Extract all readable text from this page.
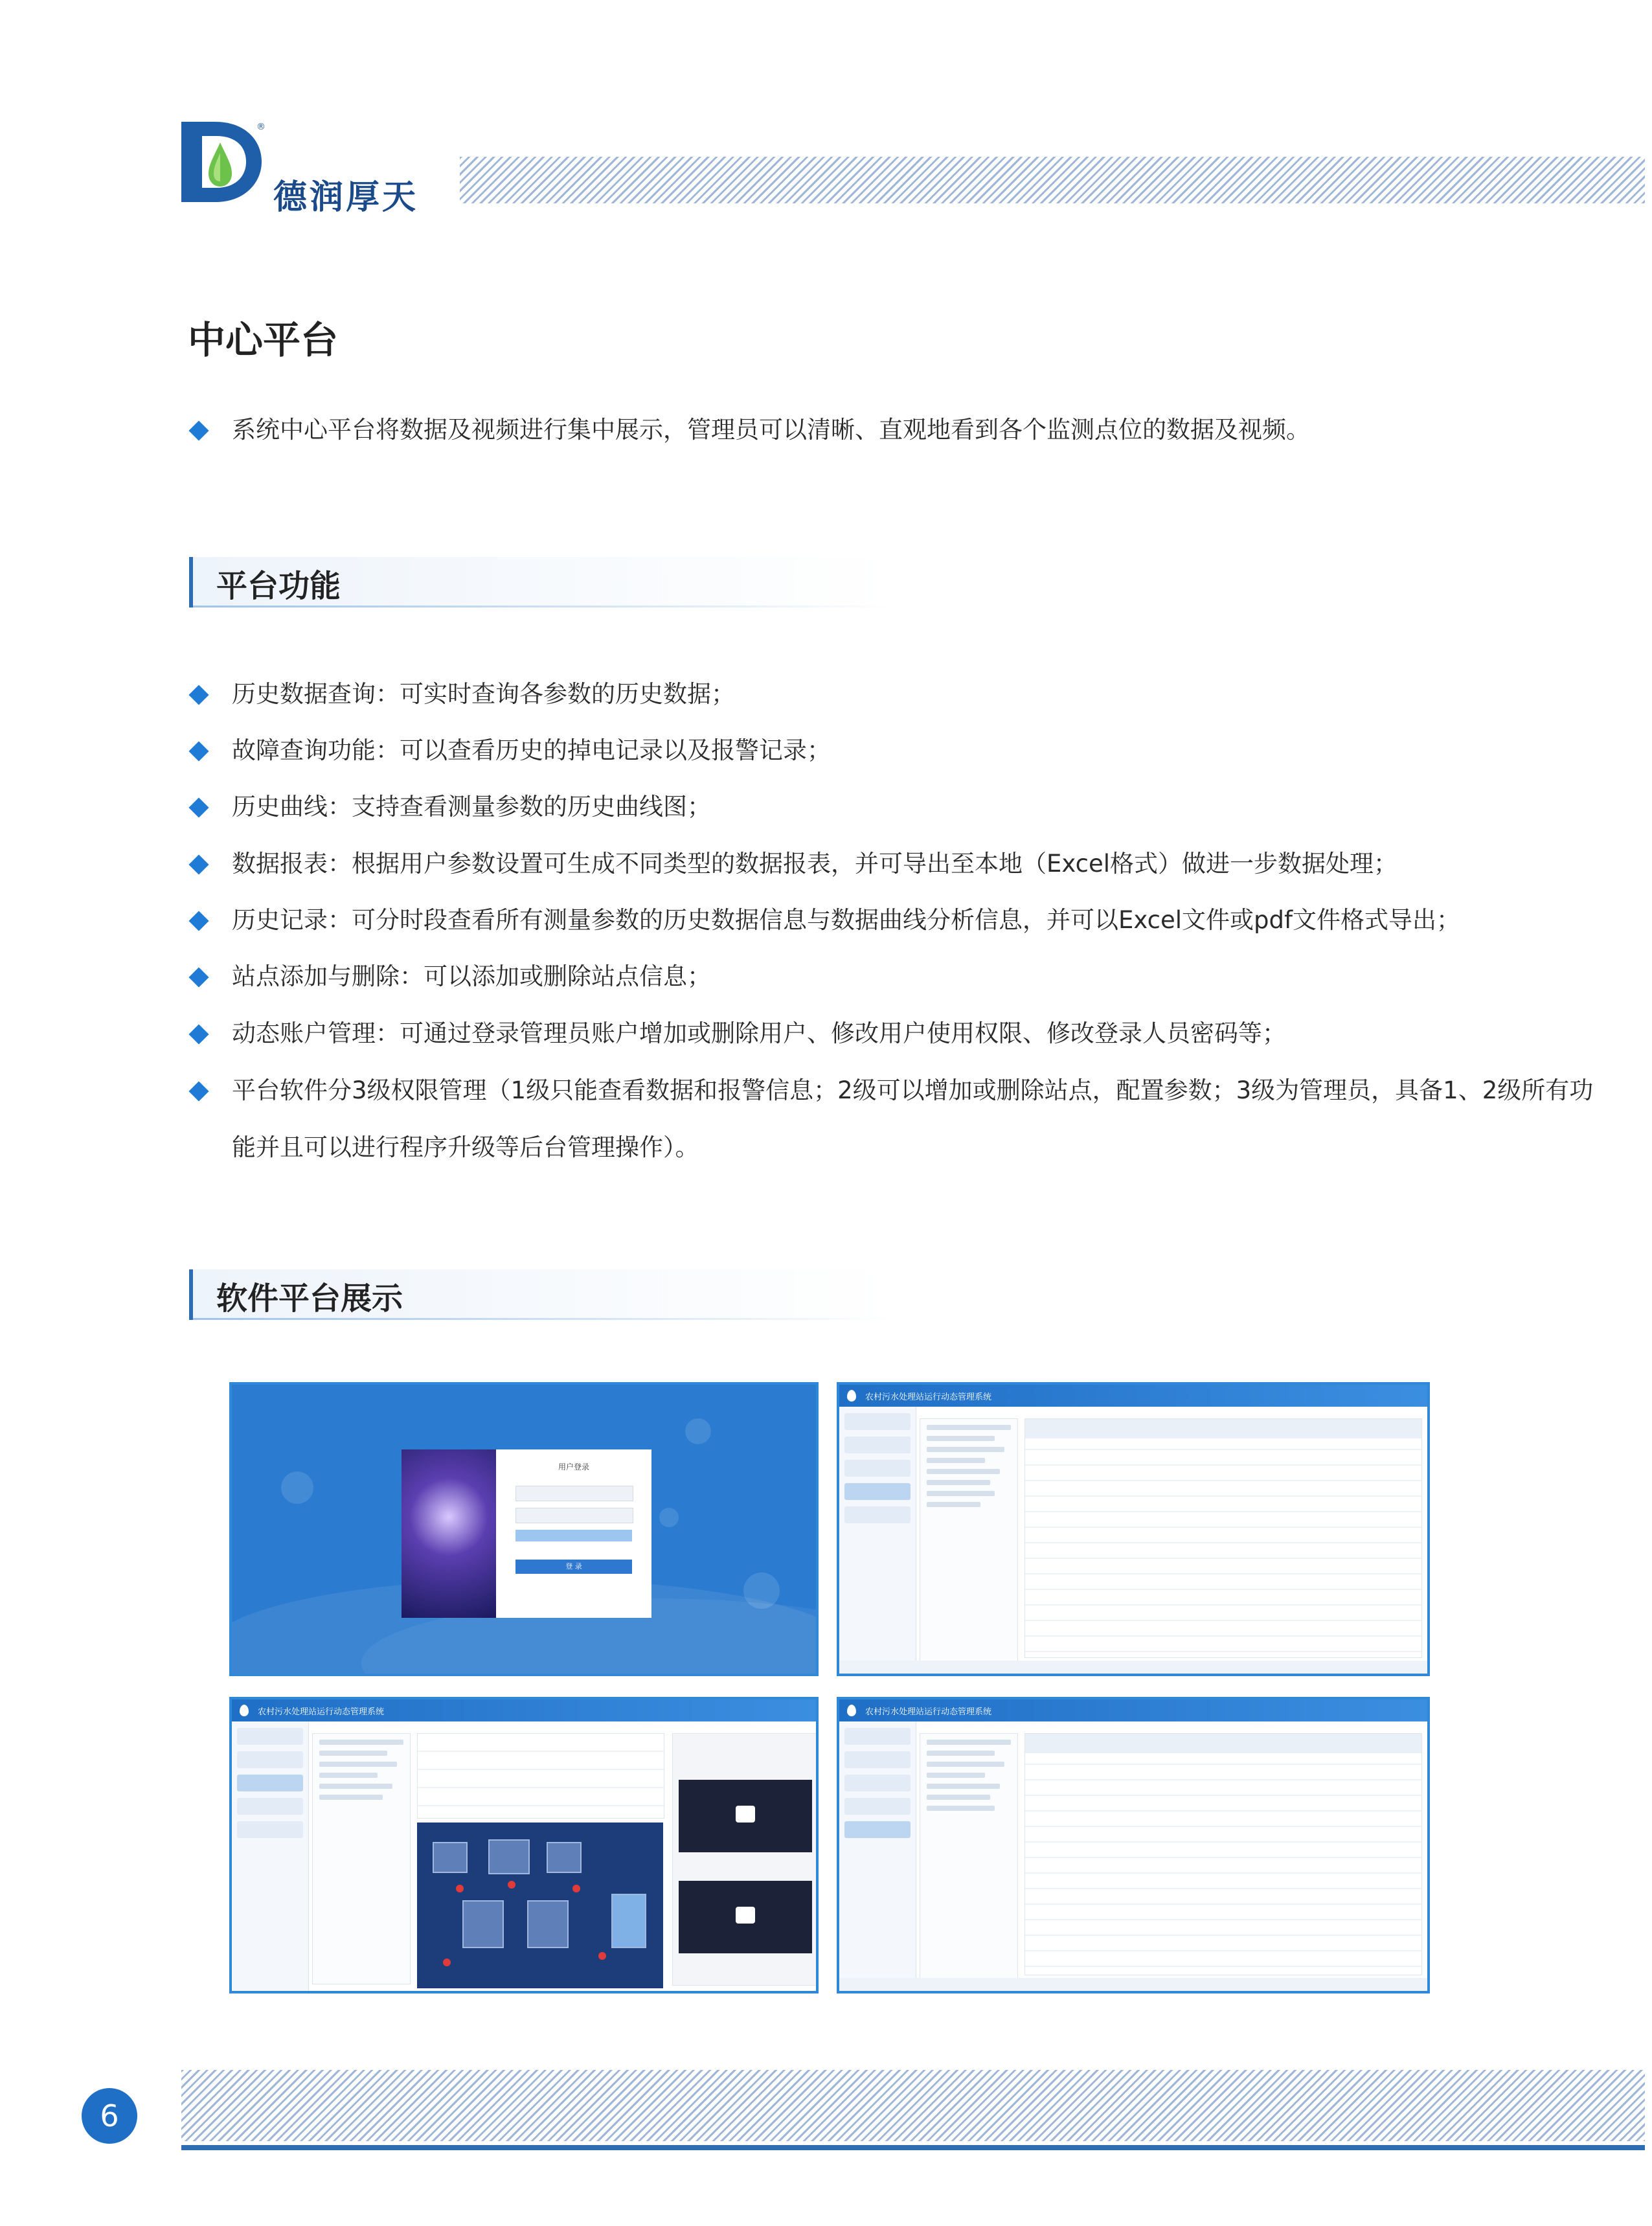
®
德润厚天
中心平台
系统中心平台将数据及视频进行集中展示，管理员可以清晰、直观地看到各个监测点位的数据及视频。
平台功能
历史数据查询：可实时查询各参数的历史数据；
故障查询功能：可以查看历史的掉电记录以及报警记录；
历史曲线：支持查看测量参数的历史曲线图；
数据报表：根据用户参数设置可生成不同类型的数据报表，并可导出至本地（Excel格式）做进一步数据处理；
历史记录：可分时段查看所有测量参数的历史数据信息与数据曲线分析信息，并可以Excel文件或pdf文件格式导出；
站点添加与删除：可以添加或删除站点信息；
动态账户管理：可通过登录管理员账户增加或删除用户、修改用户使用权限、修改登录人员密码等；
平台软件分3级权限管理（1级只能查看数据和报警信息；2级可以增加或删除站点，配置参数；3级为管理员，具备1、2级所有功
能并且可以进行程序升级等后台管理操作）。
软件平台展示
用户登录
登 录
农村污水处理站运行动态管理系统
农村污水处理站运行动态管理系统	农村污水处理站运行动态管理系统
6
